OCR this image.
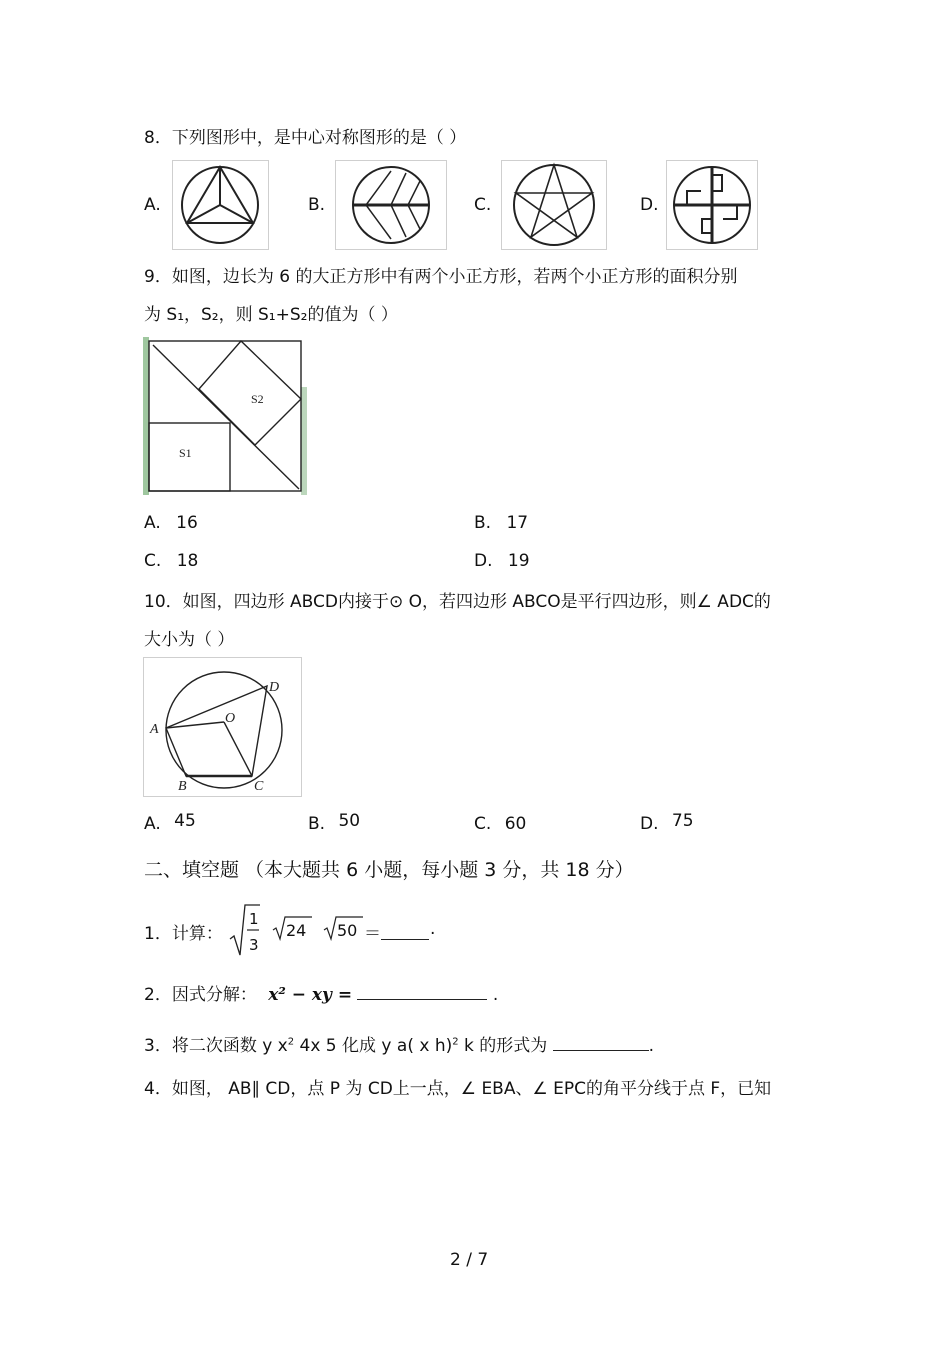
8．下列图形中，是中心对称图形的是（ ）
A.	B.	C.	D.
9．如图，边长为 6 的大正方形中有两个小正方形，若两个小正方形的面积分别
为 S₁，S₂，则 S₁+S₂的值为（ ）
S2
S1
A. 16	B. 17
C. 18	D. 19
10．如图，四边形 ABCD内接于⊙ O，若四边形 ABCO是平行四边形，则∠ ADC的
大小为（ ）
A
B	C
D
O
A. 45	B. 50	C. 60	D. 75
二、填空题 （本大题共 6 小题，每小题 3 分，共 18 分）
1．计算：
1
3
24 50 ＝	.
2．因式分解： x² − xy =	.
3．将二次函数 y $x^2$ 4x 5 化成 y a( x h)$^2$ k 的形式为	.
4．如图， AB∥ CD，点 P 为 CD上一点，∠ EBA、∠ EPC的角平分线于点 F，已知
2 / 7
